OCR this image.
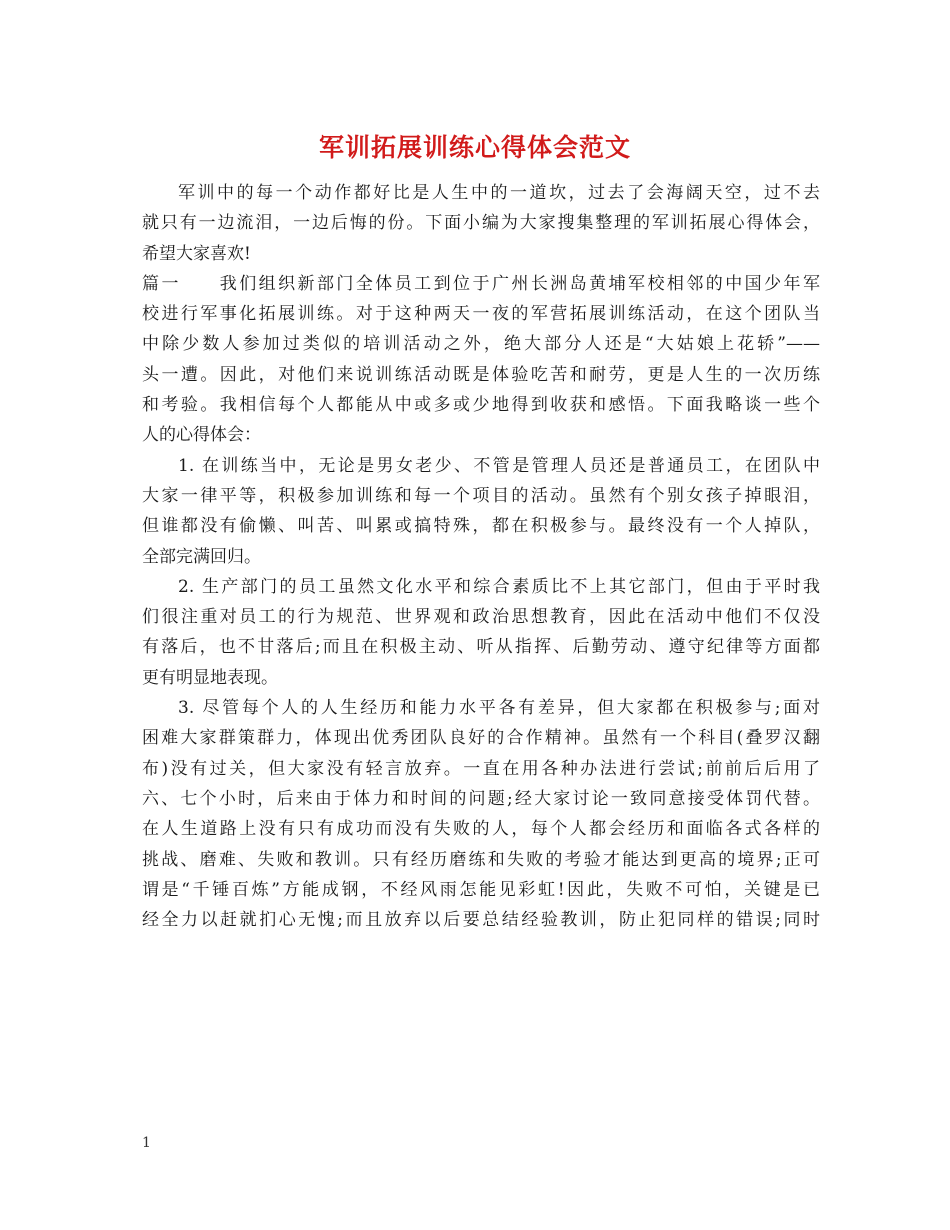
军训拓展训练心得体会范文
军训中的每一个动作都好比是人生中的一道坎，过去了会海阔天空，过不去
就只有一边流泪，一边后悔的份。下面小编为大家搜集整理的军训拓展心得体会，
希望大家喜欢!
篇一　　我们组织新部门全体员工到位于广州长洲岛黄埔军校相邻的中国少年军
校进行军事化拓展训练。对于这种两天一夜的军营拓展训练活动，在这个团队当
中除少数人参加过类似的培训活动之外，绝大部分人还是“大姑娘上花轿”——
头一遭。因此，对他们来说训练活动既是体验吃苦和耐劳，更是人生的一次历练
和考验。我相信每个人都能从中或多或少地得到收获和感悟。下面我略谈一些个
人的心得体会：
1. 在训练当中，无论是男女老少、不管是管理人员还是普通员工，在团队中
大家一律平等，积极参加训练和每一个项目的活动。虽然有个别女孩子掉眼泪，
但谁都没有偷懒、叫苦、叫累或搞特殊，都在积极参与。最终没有一个人掉队，
全部完满回归。
2. 生产部门的员工虽然文化水平和综合素质比不上其它部门，但由于平时我
们很注重对员工的行为规范、世界观和政治思想教育，因此在活动中他们不仅没
有落后，也不甘落后;而且在积极主动、听从指挥、后勤劳动、遵守纪律等方面都
更有明显地表现。
3. 尽管每个人的人生经历和能力水平各有差异，但大家都在积极参与;面对
困难大家群策群力，体现出优秀团队良好的合作精神。虽然有一个科目(叠罗汉翻
布)没有过关，但大家没有轻言放弃。一直在用各种办法进行尝试;前前后后用了
六、七个小时，后来由于体力和时间的问题;经大家讨论一致同意接受体罚代替。
在人生道路上没有只有成功而没有失败的人，每个人都会经历和面临各式各样的
挑战、磨难、失败和教训。只有经历磨练和失败的考验才能达到更高的境界;正可
谓是“千锤百炼”方能成钢，不经风雨怎能见彩虹!因此，失败不可怕，关键是已
经全力以赶就扪心无愧;而且放弃以后要总结经验教训，防止犯同样的错误;同时
1
